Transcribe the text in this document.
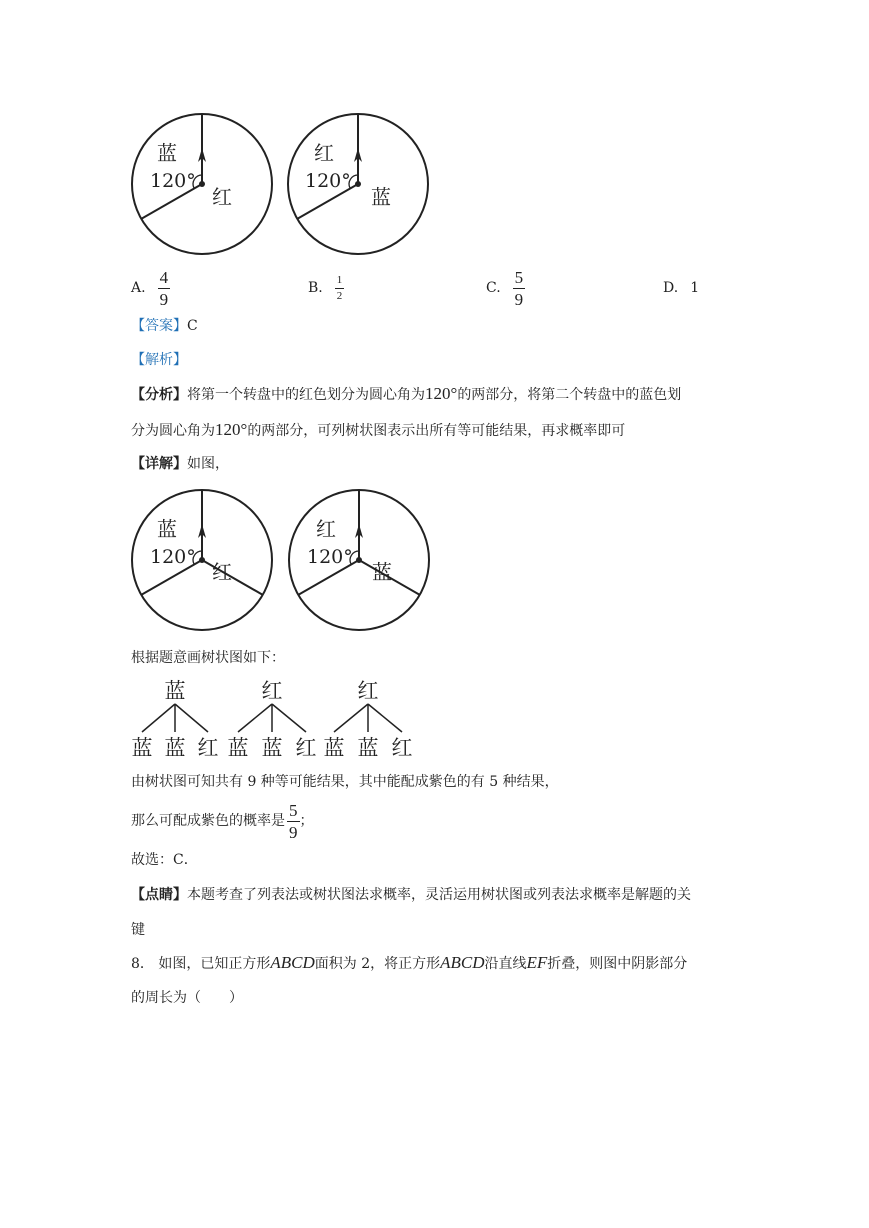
蓝
120°
红
红
120°
蓝
A. $\frac{4}{9}$	B. $\frac{1}{2}$	C. $\frac{5}{9}$	D. 1
【答案】C
【解析】
【分析】将第一个转盘中的红色划分为圆心角为120°的两部分，将第二个转盘中的蓝色划
分为圆心角为120°的两部分，可列树状图表示出所有等可能结果，再求概率即可
【详解】如图，
蓝
120°
红
红
120°
蓝
根据题意画树状图如下：
蓝	红	红
蓝 蓝 红 蓝 蓝 红 蓝 蓝 红
由树状图可知共有 9 种等可能结果，其中能配成紫色的有 5 种结果，
那么可配成紫色的概率是 $\frac{5}{9}$ ；
故选：C．
【点睛】本题考查了列表法或树状图法求概率，灵活运用树状图或列表法求概率是解题的关
键
8． 如图，已知正方形ABCD面积为 2，将正方形ABCD沿直线EF折叠，则图中阴影部分
的周长为（　　）
